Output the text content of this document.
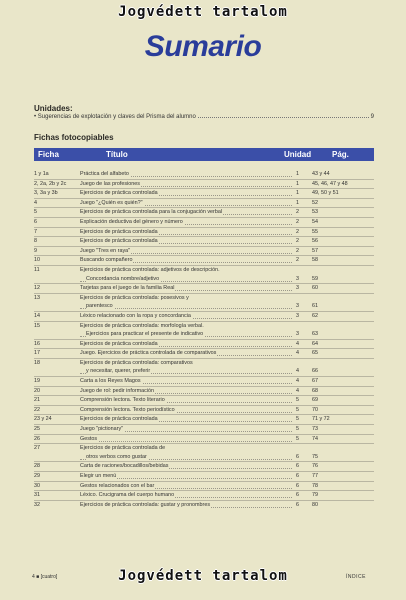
Jogvédett tartalom
Sumario
Unidades:
• Sugerencias de explotación y claves del Prisma del alumno	9
Fichas fotocopiables
Ficha	Título	Unidad	Pág.
1 y 1a	Práctica del alfabeto	1	43 y 44
2, 2a, 2b y 2c	Juego de las profesiones	1	45, 46, 47 y 48
3, 3a y 3b	Ejercicios de práctica controlada	1	49, 50 y 51
4	Juego "¿Quién es quién?"	1	52
5	Ejercicios de práctica controlada para la conjugación verbal	2	53
6	Explicación deductiva del género y número	2	54
7	Ejercicios de práctica controlada	2	55
8	Ejercicios de práctica controlada	2	56
9	Juego "Tres en raya"	2	57
10	Buscando compañero	2	58
11	Ejercicios de práctica controlada: adjetivos de descripción.
Concordancia nombre/adjetivo	3	59
12	Tarjetas para el juego de la familia Real	3	60
13	Ejercicios de práctica controlada: posesivos y
parentesco	3	61
14	Léxico relacionado con la ropa y concordancia	3	62
15	Ejercicios de práctica controlada: morfología verbal.
Ejercicios para practicar el presente de indicativo	3	63
16	Ejercicios de práctica controlada	4	64
17	Juego. Ejercicios de práctica controlada de comparativos	4	65
18	Ejercicios de práctica controlada: comparativos
y necesitar, querer, preferir	4	66
19	Carta a los Reyes Magos	4	67
20	Juego de rol: pedir información	4	68
21	Comprensión lectora. Texto literario	5	69
22	Comprensión lectora. Texto periodístico	5	70
23 y 24	Ejercicios de práctica controlada	5	71 y 72
25	Juego "pictionary"	5	73
26	Gestos	5	74
27	Ejercicios de práctica controlada de
otros verbos como gustar	6	75
28	Carta de raciones/bocadillos/bebidas	6	76
29	Elegir un menú	6	77
30	Gestos relacionados con el bar	6	78
31	Léxico. Crucigrama del cuerpo humano	6	79
32	Ejercicios de práctica controlada: gustar y pronombres	6	80
4 ■ [cuatro]	ÍNDICE
Jogvédett tartalom
